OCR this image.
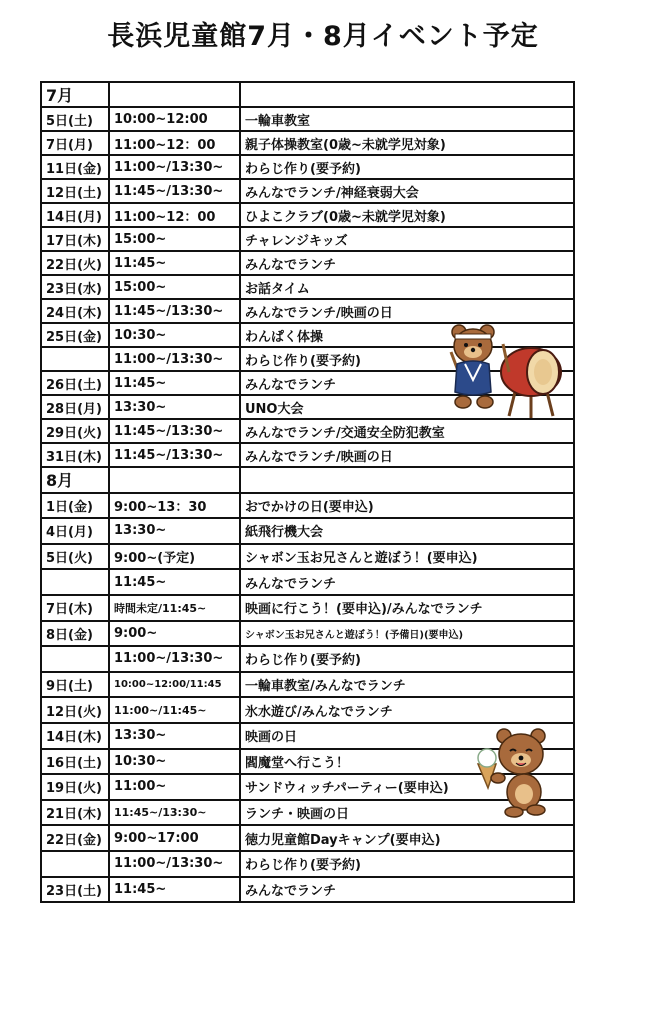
長浜児童館7月・8月イベント予定
7月		
5日(土)	10:00~12:00	一輪車教室
7日(月)	11:00~12：00	親子体操教室(0歳~未就学児対象)
11日(金)	11:00~/13:30~	わらじ作り(要予約)
12日(土)	11:45~/13:30~	みんなでランチ/神経衰弱大会
14日(月)	11:00~12：00	ひよこクラブ(0歳~未就学児対象)
17日(木)	15:00~	チャレンジキッズ
22日(火)	11:45~	みんなでランチ
23日(水)	15:00~	お話タイム
24日(木)	11:45~/13:30~	みんなでランチ/映画の日
25日(金)	10:30~	わんぱく体操
	11:00~/13:30~	わらじ作り(要予約)
26日(土)	11:45~	みんなでランチ
28日(月)	13:30~	UNO大会
29日(火)	11:45~/13:30~	みんなでランチ/交通安全防犯教室
31日(木)	11:45~/13:30~	みんなでランチ/映画の日
8月		
1日(金)	9:00~13：30	おでかけの日(要申込)
4日(月)	13:30~	紙飛行機大会
5日(火)	9:00~(予定)	シャボン玉お兄さんと遊ぼう！(要申込)
	11:45~	みんなでランチ
7日(木)	時間未定/11:45~	映画に行こう！(要申込)/みんなでランチ
8日(金)	9:00~	シャボン玉お兄さんと遊ぼう！(予備日)(要申込)
	11:00~/13:30~	わらじ作り(要予約)
9日(土)	10:00~12:00/11:45	一輪車教室/みんなでランチ
12日(火)	11:00~/11:45~	氷水遊び/みんなでランチ
14日(木)	13:30~	映画の日
16日(土)	10:30~	閻魔堂へ行こう！
19日(火)	11:00~	サンドウィッチパーティー(要申込)
21日(木)	11:45~/13:30~	ランチ・映画の日
22日(金)	9:00~17:00	徳力児童館Dayキャンプ(要申込)
	11:00~/13:30~	わらじ作り(要予約)
23日(土)	11:45~	みんなでランチ
